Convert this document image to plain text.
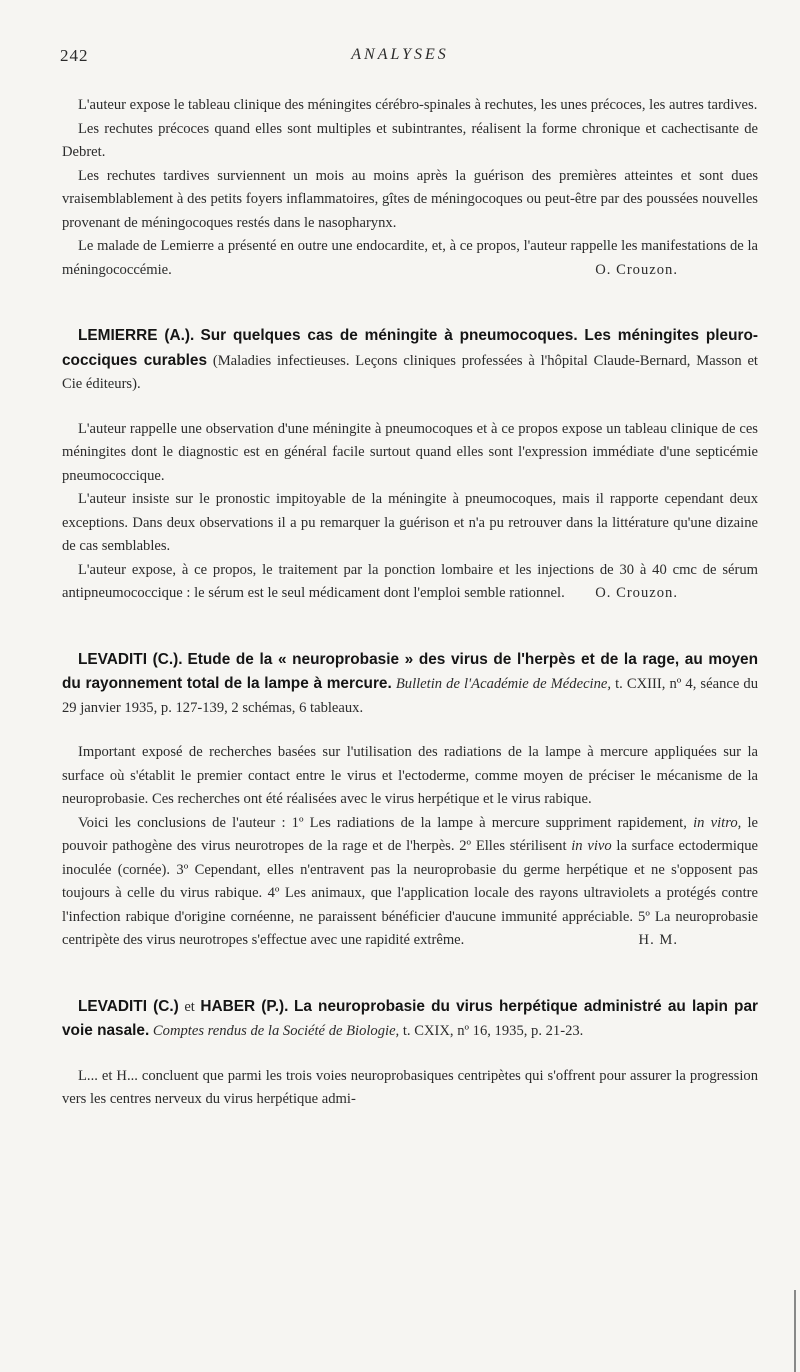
242	ANALYSES

L'auteur expose le tableau clinique des méningites cérébro-spinales à rechutes, les unes précoces, les autres tardives.

Les rechutes précoces quand elles sont multiples et subintrantes, réalisent la forme chronique et cachectisante de Debret.

Les rechutes tardives surviennent un mois au moins après la guérison des premières atteintes et sont dues vraisemblablement à des petits foyers inflammatoires, gîtes de méningocoques ou peut-être par des poussées nouvelles provenant de méningocoques restés dans le nasopharynx.

Le malade de Lemierre a présenté en outre une endocardite, et, à ce propos, l'auteur rappelle les manifestations de la méningococcémie.	O. Crouzon.

LEMIERRE (A.). Sur quelques cas de méningite à pneumocoques. Les méningites pleuro-cocciques curables (Maladies infectieuses. Leçons cliniques professées à l'hôpital Claude-Bernard, Masson et Cie éditeurs).

L'auteur rappelle une observation d'une méningite à pneumocoques et à ce propos expose un tableau clinique de ces méningites dont le diagnostic est en général facile surtout quand elles sont l'expression immédiate d'une septicémie pneumococcique.

L'auteur insiste sur le pronostic impitoyable de la méningite à pneumocoques, mais il rapporte cependant deux exceptions. Dans deux observations il a pu remarquer la guérison et n'a pu retrouver dans la littérature qu'une dizaine de cas semblables.

L'auteur expose, à ce propos, le traitement par la ponction lombaire et les injections de 30 à 40 cmc de sérum antipneumococcique : le sérum est le seul médicament dont l'emploi semble rationnel.	O. Crouzon.

LEVADITI (C.). Etude de la « neuroprobasie » des virus de l'herpès et de la rage, au moyen du rayonnement total de la lampe à mercure. Bulletin de l'Académie de Médecine, t. CXIII, nº 4, séance du 29 janvier 1935, p. 127-139, 2 schémas, 6 tableaux.

Important exposé de recherches basées sur l'utilisation des radiations de la lampe à mercure appliquées sur la surface où s'établit le premier contact entre le virus et l'ectoderme, comme moyen de préciser le mécanisme de la neuroprobasie. Ces recherches ont été réalisées avec le virus herpétique et le virus rabique.

Voici les conclusions de l'auteur : 1º Les radiations de la lampe à mercure suppriment rapidement, in vitro, le pouvoir pathogène des virus neurotropes de la rage et de l'herpès. 2º Elles stérilisent in vivo la surface ectodermique inoculée (cornée). 3º Cependant, elles n'entravent pas la neuroprobasie du germe herpétique et ne s'opposent pas toujours à celle du virus rabique. 4º Les animaux, que l'application locale des rayons ultraviolets a protégés contre l'infection rabique d'origine cornéenne, ne paraissent bénéficier d'aucune immunité appréciable. 5º La neuroprobasie centripète des virus neurotropes s'effectue avec une rapidité extrême.	H. M.

LEVADITI (C.) et HABER (P.). La neuroprobasie du virus herpétique administré au lapin par voie nasale. Comptes rendus de la Société de Biologie, t. CXIX, nº 16, 1935, p. 21-23.

L... et H... concluent que parmi les trois voies neuroprobasiques centripètes qui s'offrent pour assurer la progression vers les centres nerveux du virus herpétique admi-
